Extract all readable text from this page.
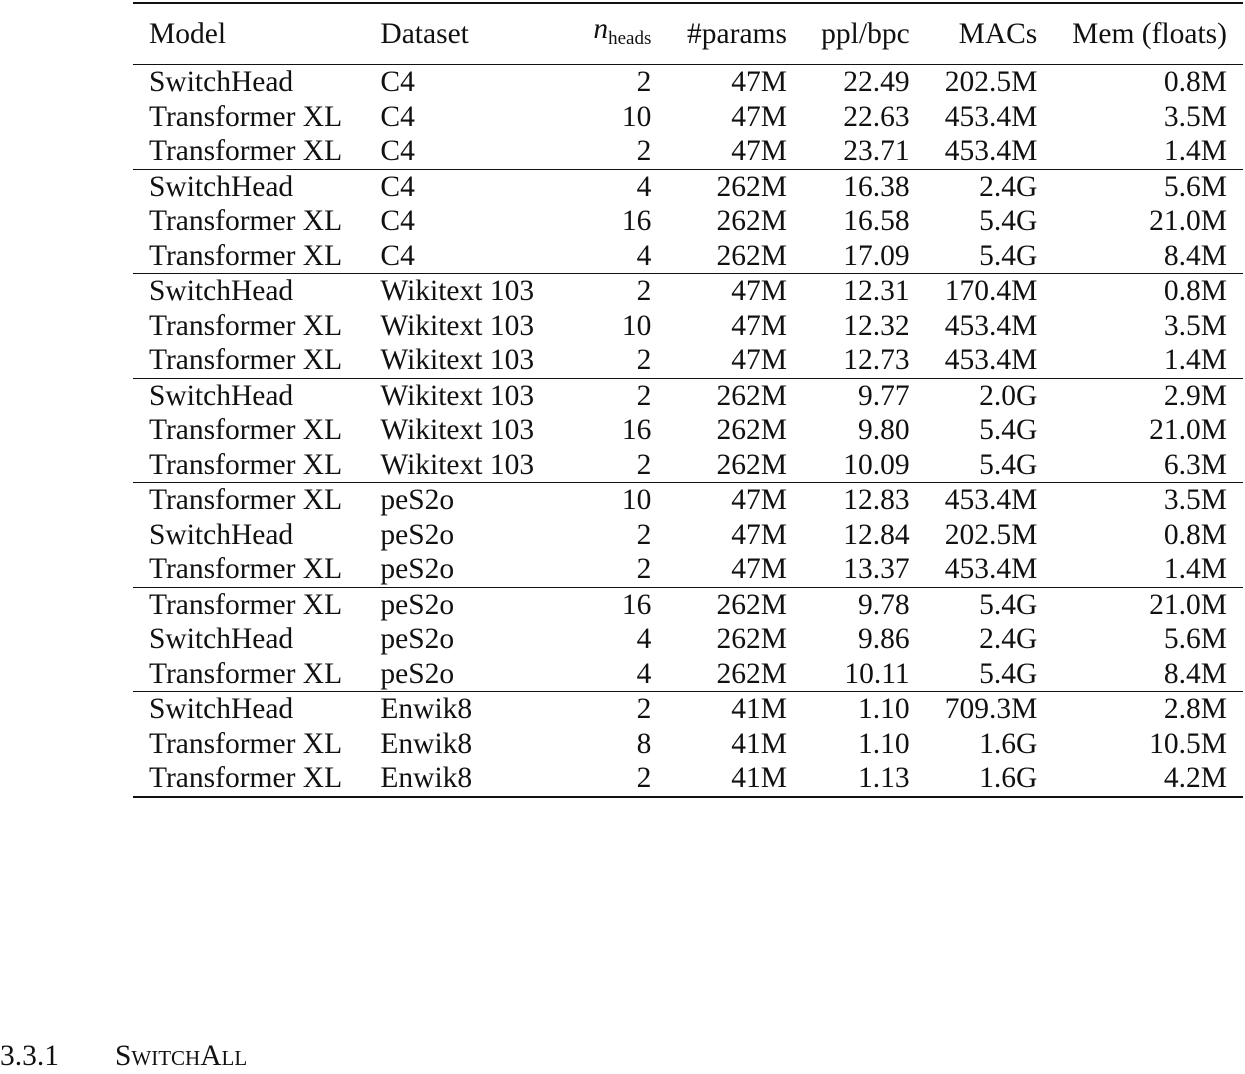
Model	Dataset	$n_{heads}$	#params	ppl/bpc	MACs	Mem (floats)
SwitchHead	C4	2	47M	22.49	202.5M	0.8M
Transformer XL	C4	10	47M	22.63	453.4M	3.5M
Transformer XL	C4	2	47M	23.71	453.4M	1.4M
SwitchHead	C4	4	262M	16.38	2.4G	5.6M
Transformer XL	C4	16	262M	16.58	5.4G	21.0M
Transformer XL	C4	4	262M	17.09	5.4G	8.4M
SwitchHead	Wikitext 103	2	47M	12.31	170.4M	0.8M
Transformer XL	Wikitext 103	10	47M	12.32	453.4M	3.5M
Transformer XL	Wikitext 103	2	47M	12.73	453.4M	1.4M
SwitchHead	Wikitext 103	2	262M	9.77	2.0G	2.9M
Transformer XL	Wikitext 103	16	262M	9.80	5.4G	21.0M
Transformer XL	Wikitext 103	2	262M	10.09	5.4G	6.3M
Transformer XL	peS2o	10	47M	12.83	453.4M	3.5M
SwitchHead	peS2o	2	47M	12.84	202.5M	0.8M
Transformer XL	peS2o	2	47M	13.37	453.4M	1.4M
Transformer XL	peS2o	16	262M	9.78	5.4G	21.0M
SwitchHead	peS2o	4	262M	9.86	2.4G	5.6M
Transformer XL	peS2o	4	262M	10.11	5.4G	8.4M
SwitchHead	Enwik8	2	41M	1.10	709.3M	2.8M
Transformer XL	Enwik8	8	41M	1.10	1.6G	10.5M
Transformer XL	Enwik8	2	41M	1.13	1.6G	4.2M
3.3.1 SwitchAll
